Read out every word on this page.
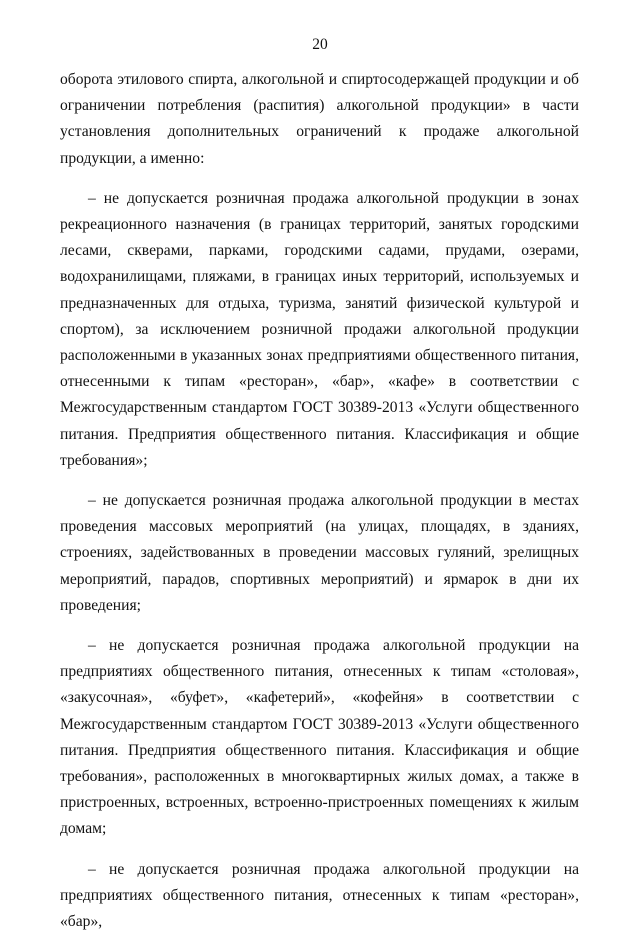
20

оборота этилового спирта, алкогольной и спиртосодержащей продукции и об ограничении потребления (распития) алкогольной продукции» в части установления дополнительных ограничений к продаже алкогольной продукции, а именно:

– не допускается розничная продажа алкогольной продукции в зонах рекреационного назначения (в границах территорий, занятых городскими лесами, скверами, парками, городскими садами, прудами, озерами, водохранилищами, пляжами, в границах иных территорий, используемых и предназначенных для отдыха, туризма, занятий физической культурой и спортом), за исключением розничной продажи алкогольной продукции расположенными в указанных зонах предприятиями общественного питания, отнесенными к типам «ресторан», «бар», «кафе» в соответствии с Межгосударственным стандартом ГОСТ 30389-2013 «Услуги общественного питания. Предприятия общественного питания. Классификация и общие требования»;

– не допускается розничная продажа алкогольной продукции в местах проведения массовых мероприятий (на улицах, площадях, в зданиях, строениях, задействованных в проведении массовых гуляний, зрелищных мероприятий, парадов, спортивных мероприятий) и ярмарок в дни их проведения;

– не допускается розничная продажа алкогольной продукции на предприятиях общественного питания, отнесенных к типам «столовая», «закусочная», «буфет», «кафетерий», «кофейня» в соответствии с Межгосударственным стандартом ГОСТ 30389-2013 «Услуги общественного питания. Предприятия общественного питания. Классификация и общие требования», расположенных в многоквартирных жилых домах, а также в пристроенных, встроенных, встроенно-пристроенных помещениях к жилым домам;

– не допускается розничная продажа алкогольной продукции на предприятиях общественного питания, отнесенных к типам «ресторан», «бар»,
